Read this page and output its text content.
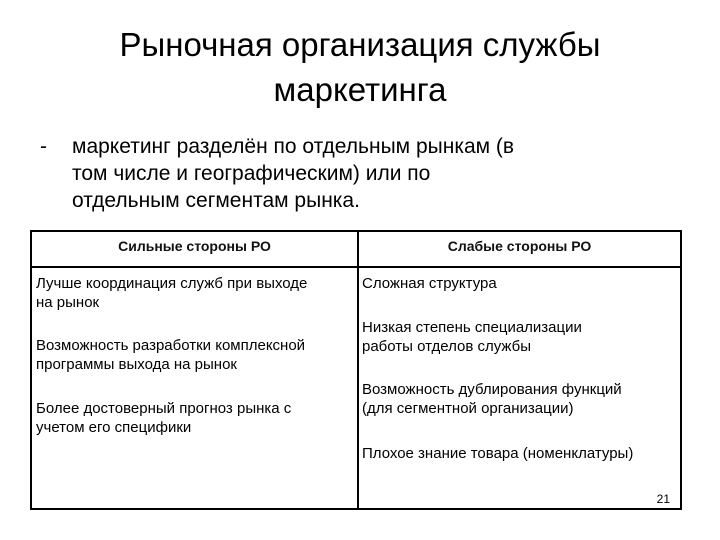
Рыночная организация службы
маркетинга
- маркетинг разделён по отдельным рынкам (в
том числе и географическим) или по
отдельным сегментам рынка.
Сильные стороны РО	Слабые стороны РО
Лучше координация служб при выходе
на рынок
Возможность разработки комплексной
программы выхода на рынок
Более достоверный прогноз рынка с
учетом его специфики
Сложная структура
Низкая степень специализации
работы отделов службы
Возможность дублирования функций
(для сегментной организации)
Плохое знание товара (номенклатуры)
21
